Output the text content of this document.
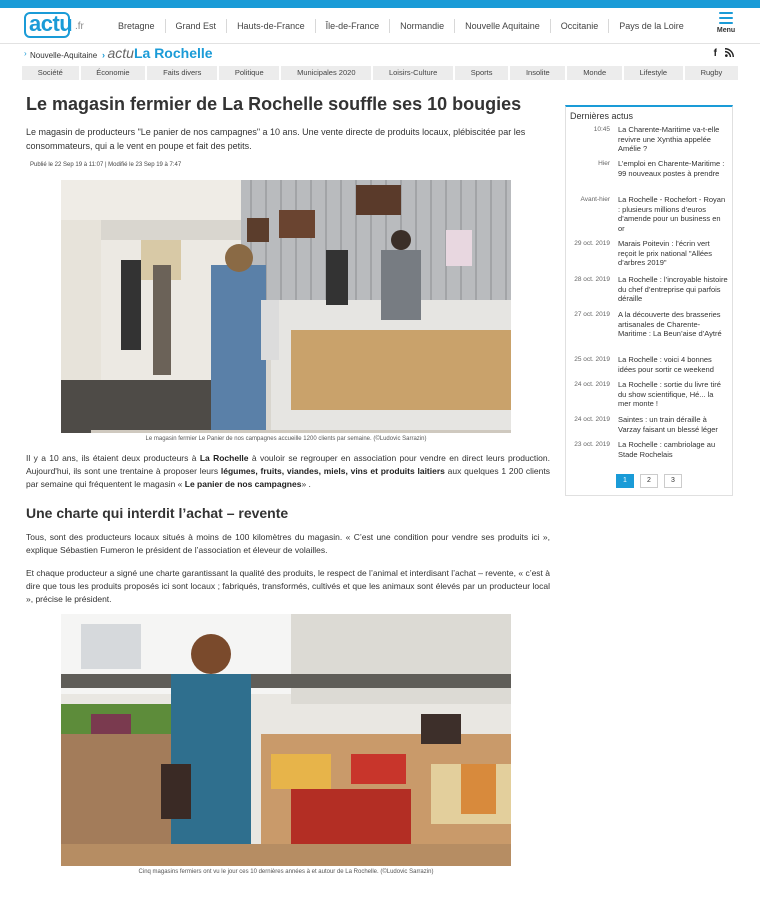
actu .fr	Bretagne	Grand Est	Hauts-de-France	Île-de-France	Normandie	Nouvelle Aquitaine	Occitanie	Pays de la Loire	Menu
› Nouvelle-Aquitaine › actuLa Rochelle	f
Société	Économie	Faits divers	Politique	Municipales 2020	Loisirs-Culture	Sports	Insolite	Monde	Lifestyle	Rugby
Le magasin fermier de La Rochelle souffle ses 10 bougies

Le magasin de producteurs "Le panier de nos campagnes" a 10 ans. Une vente directe de produits locaux, plébiscitée par les consommateurs, qui a le vent en poupe et fait des petits.

Publié le 22 Sep 19 à 11:07 | Modifié le 23 Sep 19 à 7:47

Le magasin fermier Le Panier de nos campagnes accueille 1200 clients par semaine. (©Ludovic Sarrazin)

Il y a 10 ans, ils étaient deux producteurs à La Rochelle à vouloir se regrouper en association pour vendre en direct leurs production. Aujourd'hui, ils sont une trentaine à proposer leurs légumes, fruits, viandes, miels, vins et produits laitiers aux quelques 1 200 clients par semaine qui fréquentent le magasin « Le panier de nos campagnes» .

Une charte qui interdit l’achat – revente

Tous, sont des producteurs locaux situés à moins de 100 kilomètres du magasin. « C’est une condition pour vendre ses produits ici », explique Sébastien Fumeron le président de l’association et éleveur de volailles.

Et chaque producteur a signé une charte garantissant la qualité des produits, le respect de l’animal et interdisant l’achat – revente, « c’est à dire que tous les produits proposés ici sont locaux ; fabriqués, transformés, cultivés et que les animaux sont élevés par un producteur local », précise le président.

Cinq magasins fermiers ont vu le jour ces 10 dernières années à et autour de La Rochelle. (©Ludovic Sarrazin)
Dernières actus
10:45	La Charente-Maritime va-t-elle revivre une Xynthia appelée Amélie ?
Hier	L’emploi en Charente-Maritime : 99 nouveaux postes à prendre
Avant-hier	La Rochelle - Rochefort - Royan : plusieurs millions d’euros d’amende pour un business en or
29 oct. 2019	Marais Poitevin : l’écrin vert reçoit le prix national "Allées d’arbres 2019"
28 oct. 2019	La Rochelle : l’incroyable histoire du chef d’entreprise qui parfois déraille
27 oct. 2019	A la découverte des brasseries artisanales de Charente-Maritime : La Beun’aise d’Aytré
25 oct. 2019	La Rochelle : voici 4 bonnes idées pour sortir ce weekend
24 oct. 2019	La Rochelle : sortie du livre tiré du show scientifique, Hé... la mer monte !
24 oct. 2019	Saintes : un train déraille à Varzay faisant un blessé léger
23 oct. 2019	La Rochelle : cambriolage au Stade Rochelais
1	2	3
